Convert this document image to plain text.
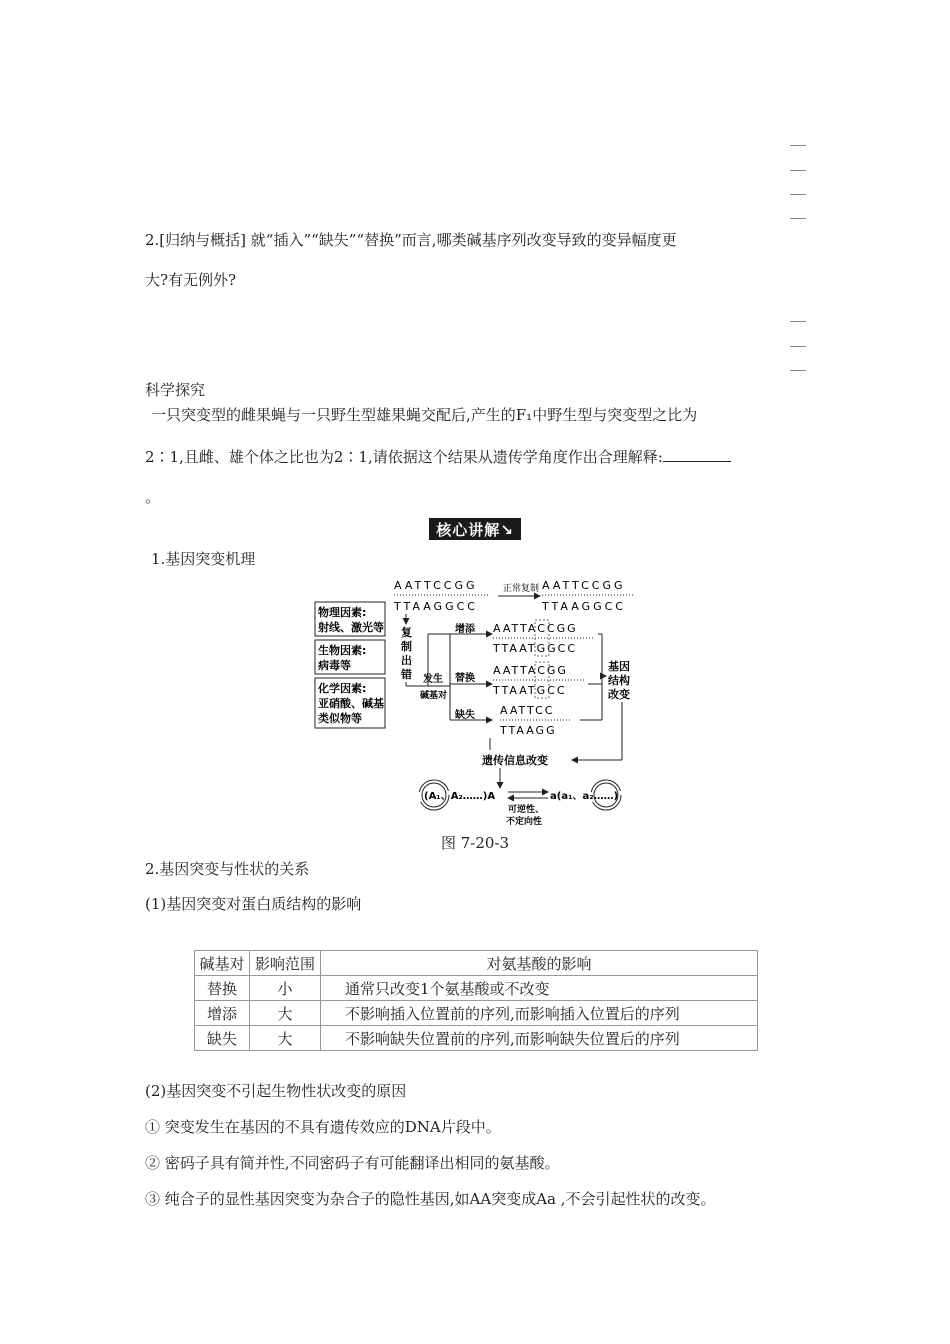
2.[归纳与概括] 就“插入”“缺失”“替换”而言,哪类碱基序列改变导致的变异幅度更
大?有无例外?
科学探究
一只突变型的雌果蝇与一只野生型雄果蝇交配后,产生的F₁中野生型与突变型之比为
2∶1,且雌、雄个体之比也为2∶1,请依据这个结果从遗传学角度作出合理解释:
。
核心讲解↘
1.基因突变机理
AATTCCGG
TTAAGGCC
正常复制 AATTCCGG
TTAAGGCC
物理因素:
射线、激光等
生物因素:
病毒等
化学因素:
亚硝酸、碱基
类似物等
复
制
出
错 发生
碱基对
增添
替换
缺失
AATTACCGG
TTAATGGCC
AATTACGG
TTAATGCC
AATTCC
TTAAGG
基因
结构
改变
遗传信息改变
(A₁、A₂……)A	a(a₁、a₂……)
可逆性、
不定向性
图 7-20-3
2.基因突变与性状的关系
(1)基因突变对蛋白质结构的影响
碱基对	影响范围	对氨基酸的影响
替换	小	通常只改变1个氨基酸或不改变
增添	大	不影响插入位置前的序列,而影响插入位置后的序列
缺失	大	不影响缺失位置前的序列,而影响缺失位置后的序列
(2)基因突变不引起生物性状改变的原因
① 突变发生在基因的不具有遗传效应的DNA片段中。
② 密码子具有简并性,不同密码子有可能翻译出相同的氨基酸。
③ 纯合子的显性基因突变为杂合子的隐性基因,如AA突变成Aa ,不会引起性状的改变。
